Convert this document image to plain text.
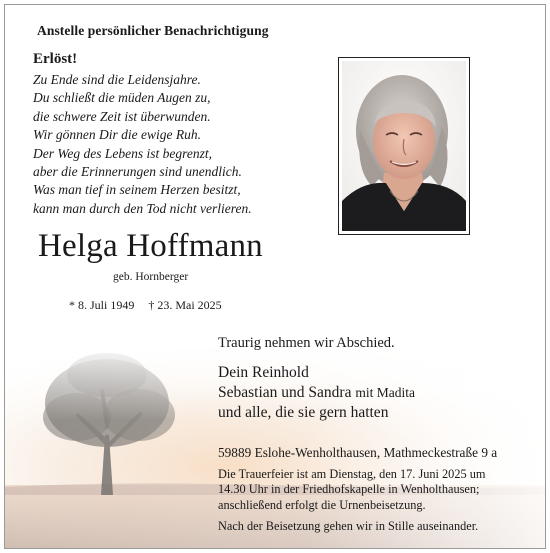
Anstelle persönlicher Benachrichtigung
Erlöst!
Zu Ende sind die Leidensjahre.
Du schließt die müden Augen zu,
die schwere Zeit ist überwunden.
Wir gönnen Dir die ewige Ruh.
Der Weg des Lebens ist begrenzt,
aber die Erinnerungen sind unendlich.
Was man tief in seinem Herzen besitzt,
kann man durch den Tod nicht verlieren.
Helga Hoffmann
geb. Hornberger
* 8. Juli 1949 † 23. Mai 2025
Traurig nehmen wir Abschied.
Dein Reinhold
Sebastian und Sandra mit Madita
und alle, die sie gern hatten
59889 Eslohe-Wenholthausen, Mathmeckestraße 9 a
Die Trauerfeier ist am Dienstag, den 17. Juni 2025 um
14.30 Uhr in der Friedhofskapelle in Wenholthausen;
anschließend erfolgt die Urnenbeisetzung.
Nach der Beisetzung gehen wir in Stille auseinander.
